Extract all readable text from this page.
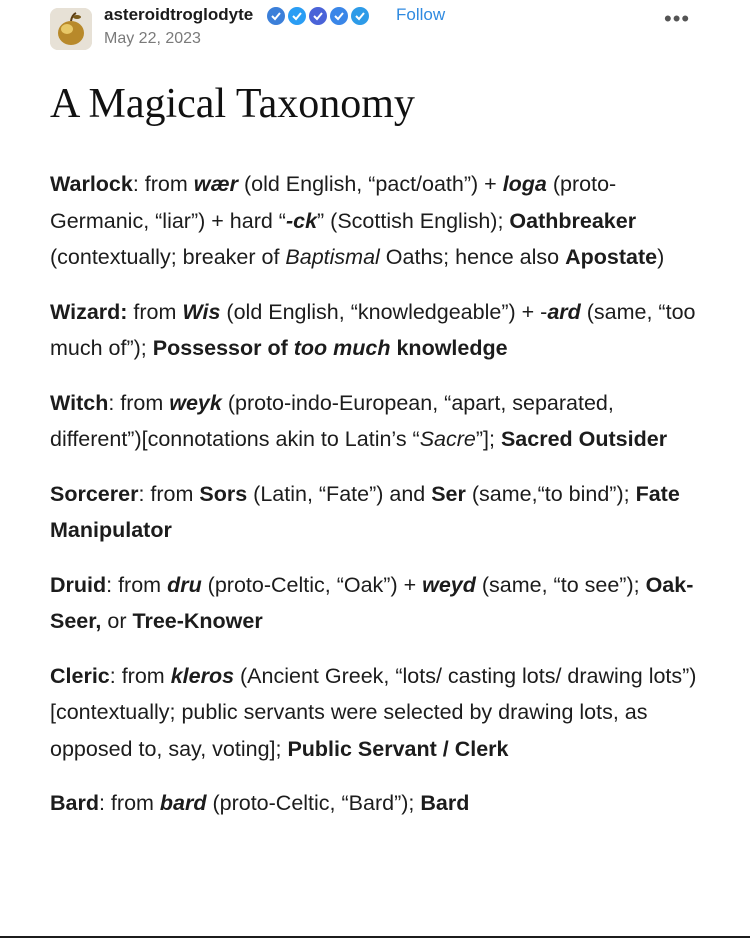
asteroidtroglodyte	Follow
May 22, 2023
•••
A Magical Taxonomy

Warlock: from wær (old English, “pact/oath”) + loga (proto-Germanic, “liar”) + hard “-ck” (Scottish English); Oathbreaker (contextually; breaker of Baptismal Oaths; hence also Apostate)

Wizard: from Wis (old English, “knowledgeable”) + -ard (same, “too much of”); Possessor of too much knowledge

Witch: from weyk (proto-indo-European, “apart, separated, different”)[connotations akin to Latin’s “Sacre”]; Sacred Outsider

Sorcerer: from Sors (Latin, “Fate”) and Ser (same,“to bind”); Fate Manipulator

Druid: from dru (proto-Celtic, “Oak”) + weyd (same, “to see”); Oak-Seer, or Tree-Knower

Cleric: from kleros (Ancient Greek, “lots/ casting lots/ drawing lots”) [contextually; public servants were selected by drawing lots, as opposed to, say, voting]; Public Servant / Clerk

Bard: from bard (proto-Celtic, “Bard”); Bard
